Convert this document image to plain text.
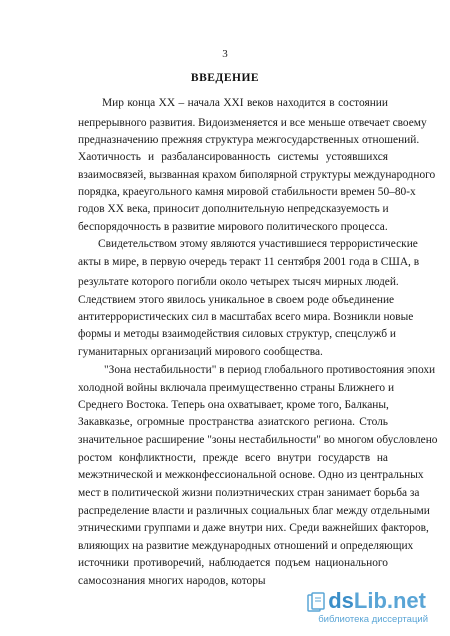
3
ВВЕДЕНИЕ
Мир конца XX – начала XXI веков находится в состоянии
непрерывного развития. Видоизменяется и все меньше отвечает своему
предназначению прежняя структура межгосударственных отношений.
Хаотичность и разбалансированность системы устоявшихся
взаимосвязей, вызванная крахом биполярной структуры международного
порядка, краеугольного камня мировой стабильности времен 50–80-х
годов XX века, приносит дополнительную непредсказуемость и
беспорядочность в развитие мирового политического процесса.
Свидетельством этому являются участившиеся террористические
акты в мире, в первую очередь теракт 11 сентября 2001 года в США, в
результате которого погибли около четырех тысяч мирных людей.
Следствием этого явилось уникальное в своем роде объединение
антитеррористических сил в масштабах всего мира. Возникли новые
формы и методы взаимодействия силовых структур, спецслужб и
гуманитарных организаций мирового сообщества.
"Зона нестабильности" в период глобального противостояния эпохи
холодной войны включала преимущественно страны Ближнего и
Среднего Востока. Теперь она охватывает, кроме того, Балканы,
Закавказье, огромные пространства азиатского региона. Столь
значительное расширение "зоны нестабильности" во многом обусловлено
ростом конфликтности, прежде всего внутри государств на
межэтнической и межконфессиональной основе. Одно из центральных
мест в политической жизни полиэтнических стран занимает борьба за
распределение власти и различных социальных благ между отдельными
этническими группами и даже внутри них. Среди важнейших факторов,
влияющих на развитие международных отношений и определяющих
источники противоречий, наблюдается подъем национального
самосознания многих народов, которы
dsLib.net
библиотека диссертаций
